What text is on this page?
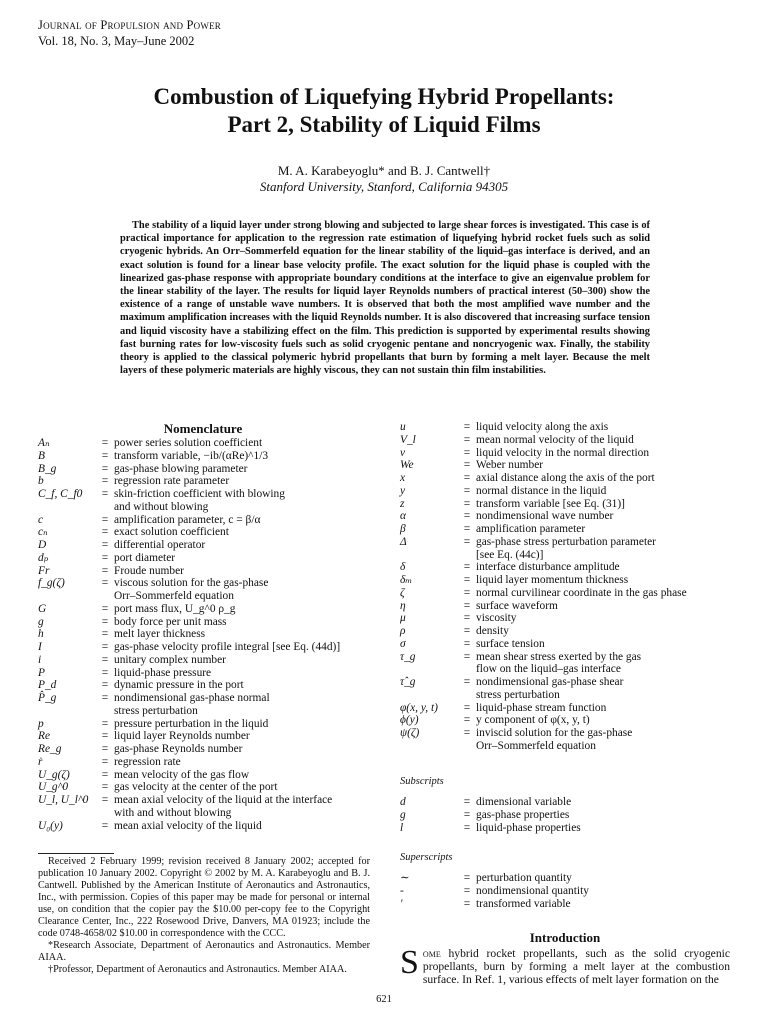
Journal of Propulsion and Power
Vol. 18, No. 3, May–June 2002
Combustion of Liquefying Hybrid Propellants:
Part 2, Stability of Liquid Films
M. A. Karabeyoglu* and B. J. Cantwell†
Stanford University, Stanford, California 94305
The stability of a liquid layer under strong blowing and subjected to large shear forces is investigated. This case is of practical importance for application to the regression rate estimation of liquefying hybrid rocket fuels such as solid cryogenic hybrids. An Orr–Sommerfeld equation for the linear stability of the liquid–gas interface is derived, and an exact solution is found for a linear base velocity profile. The exact solution for the liquid phase is coupled with the linearized gas-phase response with appropriate boundary conditions at the interface to give an eigenvalue problem for the linear stability of the layer. The results for liquid layer Reynolds numbers of practical interest (50–300) show the existence of a range of unstable wave numbers. It is observed that both the most amplified wave number and the maximum amplification increases with the liquid Reynolds number. It is also discovered that increasing surface tension and liquid viscosity have a stabilizing effect on the film. This prediction is supported by experimental results showing fast burning rates for low-viscosity fuels such as solid cryogenic pentane and noncryogenic wax. Finally, the stability theory is applied to the classical polymeric hybrid propellants that burn by forming a melt layer. Because the melt layers of these polymeric materials are highly viscous, they can not sustain thin film instabilities.
Nomenclature
Aₙ	= power series solution coefficient
B	= transform variable, −ib/(αRe)^1/3
B_g	= gas-phase blowing parameter
b	= regression rate parameter
C_f, C_f0	= skin-friction coefficient with blowing
and without blowing
c	= amplification parameter, c = β/α
cₙ	= exact solution coefficient
D	= differential operator
dₚ	= port diameter
Fr	= Froude number
f_g(ζ)	= viscous solution for the gas-phase
Orr–Sommerfeld equation
G	= port mass flux, U_g^0 ρ_g
g	= body force per unit mass
h	= melt layer thickness
I	= gas-phase velocity profile integral [see Eq. (44d)]
i	= unitary complex number
P	= liquid-phase pressure
P_d	= dynamic pressure in the port
P̂_g	= nondimensional gas-phase normal
stress perturbation
p	= pressure perturbation in the liquid
Re	= liquid layer Reynolds number
Re_g	= gas-phase Reynolds number
ṙ	= regression rate
U_g(ζ)	= mean velocity of the gas flow
U_g^0	= gas velocity at the center of the port
U_l, U_l^0	= mean axial velocity of the liquid at the interface
with and without blowing
U₀(y)	= mean axial velocity of the liquid
u	= liquid velocity along the axis
V_l	= mean normal velocity of the liquid
v	= liquid velocity in the normal direction
We	= Weber number
x	= axial distance along the axis of the port
y	= normal distance in the liquid
z	= transform variable [see Eq. (31)]
α	= nondimensional wave number
β	= amplification parameter
Δ	= gas-phase stress perturbation parameter
[see Eq. (44c)]
δ	= interface disturbance amplitude
δₘ	= liquid layer momentum thickness
ζ	= normal curvilinear coordinate in the gas phase
η	= surface waveform
μ	= viscosity
ρ	= density
σ	= surface tension
τ_g	= mean shear stress exerted by the gas
flow on the liquid–gas interface
τ̂_g	= nondimensional gas-phase shear
stress perturbation
φ(x, y, t)	= liquid-phase stream function
ϕ(y)	= y component of φ(x, y, t)
ψ(ζ)	= inviscid solution for the gas-phase
Orr–Sommerfeld equation
Subscripts
d	= dimensional variable
g	= gas-phase properties
l	= liquid-phase properties
Superscripts
∼	= perturbation quantity
-	= nondimensional quantity
′	= transformed variable

Received 2 February 1999; revision received 8 January 2002; accepted for publication 10 January 2002. Copyright © 2002 by M. A. Karabeyoglu and B. J. Cantwell. Published by the American Institute of Aeronautics and Astronautics, Inc., with permission. Copies of this paper may be made for personal or internal use, on condition that the copier pay the $10.00 per-copy fee to the Copyright Clearance Center, Inc., 222 Rosewood Drive, Danvers, MA 01923; include the code 0748-4658/02 $10.00 in correspondence with the CCC.

*Research Associate, Department of Aeronautics and Astronautics. Member AIAA.

†Professor, Department of Aeronautics and Astronautics. Member AIAA.

Introduction
Some hybrid rocket propellants, such as the solid cryogenic propellants, burn by forming a melt layer at the combustion surface. In Ref. 1, various effects of melt layer formation on the
621
